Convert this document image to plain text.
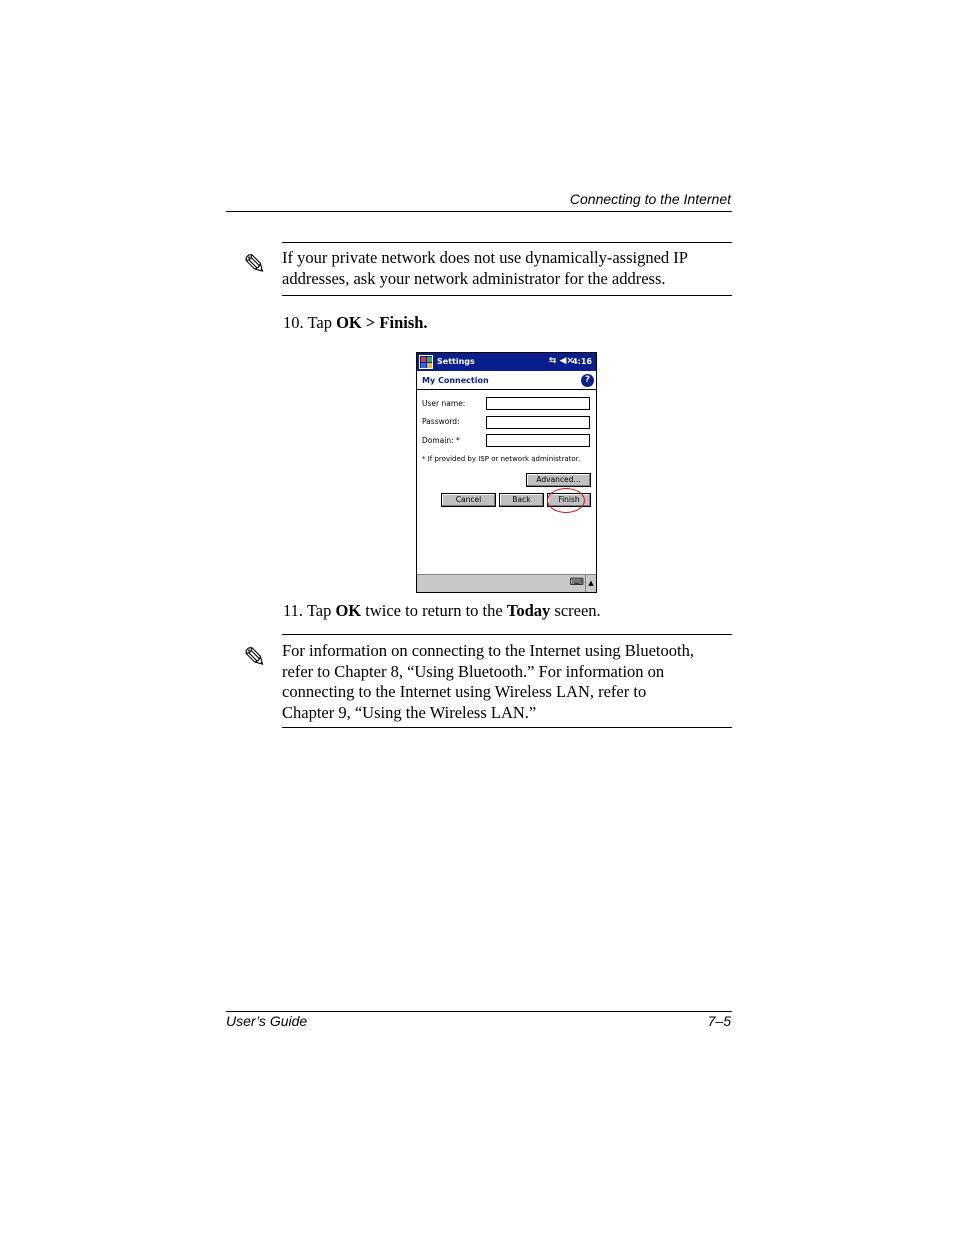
Connecting to the Internet
✎ If your private network does not use dynamically-assigned IP
addresses, ask your network administrator for the address.
10. Tap OK > Finish.
Settings	⇆ ◀×
4:16
My Connection	?
User name:
Password:
Domain: *
* If provided by ISP or network administrator.
Advanced...
Cancel	Back	Finish
⌨ ▲
11. Tap OK twice to return to the Today screen.
✎ For information on connecting to the Internet using Bluetooth,
refer to Chapter 8, “Using Bluetooth.” For information on
connecting to the Internet using Wireless LAN, refer to
Chapter 9, “Using the Wireless LAN.”
User’s Guide	7–5
